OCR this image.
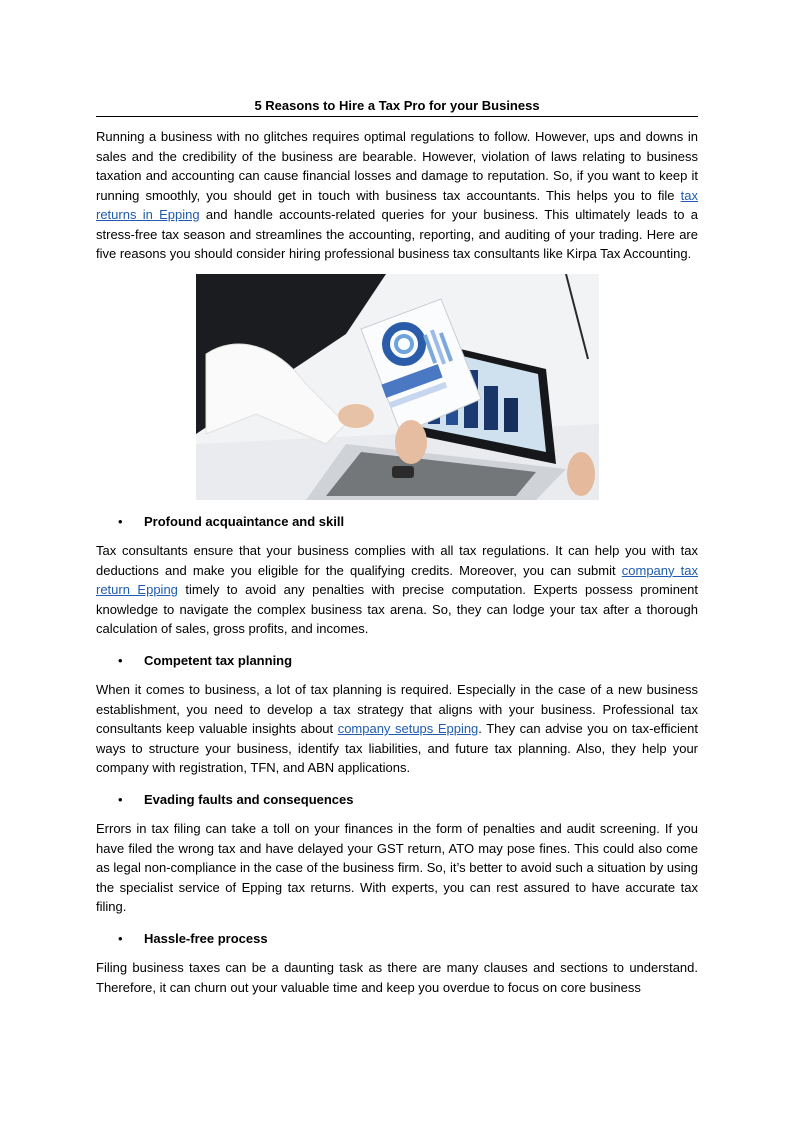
5 Reasons to Hire a Tax Pro for your Business

Running a business with no glitches requires optimal regulations to follow. However, ups and downs in sales and the credibility of the business are bearable. However, violation of laws relating to business taxation and accounting can cause financial losses and damage to reputation. So, if you want to keep it running smoothly, you should get in touch with business tax accountants. This helps you to file tax returns in Epping and handle accounts-related queries for your business. This ultimately leads to a stress-free tax season and streamlines the accounting, reporting, and auditing of your trading. Here are five reasons you should consider hiring professional business tax consultants like Kirpa Tax Accounting.

• Profound acquaintance and skill

Tax consultants ensure that your business complies with all tax regulations. It can help you with tax deductions and make you eligible for the qualifying credits. Moreover, you can submit company tax return Epping timely to avoid any penalties with precise computation. Experts possess prominent knowledge to navigate the complex business tax arena. So, they can lodge your tax after a thorough calculation of sales, gross profits, and incomes.

• Competent tax planning

When it comes to business, a lot of tax planning is required. Especially in the case of a new business establishment, you need to develop a tax strategy that aligns with your business. Professional tax consultants keep valuable insights about company setups Epping. They can advise you on tax-efficient ways to structure your business, identify tax liabilities, and future tax planning. Also, they help your company with registration, TFN, and ABN applications.

• Evading faults and consequences

Errors in tax filing can take a toll on your finances in the form of penalties and audit screening. If you have filed the wrong tax and have delayed your GST return, ATO may pose fines. This could also come as legal non-compliance in the case of the business firm. So, it’s better to avoid such a situation by using the specialist service of Epping tax returns. With experts, you can rest assured to have accurate tax filing.

• Hassle-free process

Filing business taxes can be a daunting task as there are many clauses and sections to understand. Therefore, it can churn out your valuable time and keep you overdue to focus on core business
